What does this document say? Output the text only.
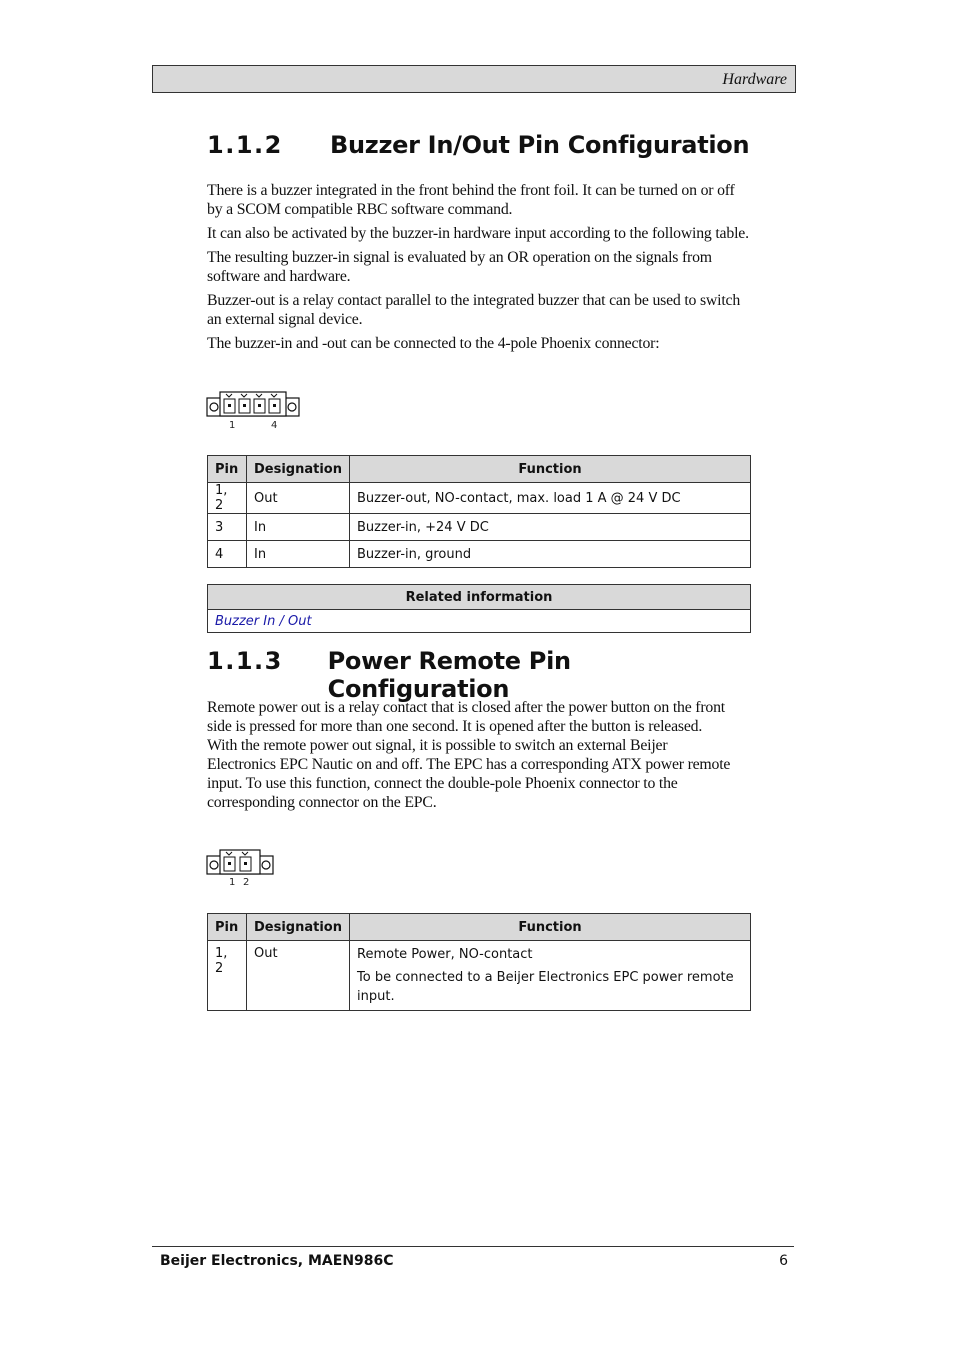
Hardware
1.1.2	Buzzer In/Out Pin Configuration

There is a buzzer integrated in the front behind the front foil. It can be turned on or off by a SCOM compatible RBC software command.

It can also be activated by the buzzer-in hardware input according to the following table.

The resulting buzzer-in signal is evaluated by an OR operation on the signals from software and hardware.

Buzzer-out is a relay contact parallel to the integrated buzzer that can be used to switch an external signal device.

The buzzer-in and -out can be connected to the 4-pole Phoenix connector:

1	4
Pin	Designation	Function
1, 2	Out	Buzzer-out, NO-contact, max. load 1 A @ 24 V DC
3	In	Buzzer-in, +24 V DC
4	In	Buzzer-in, ground
Related information
Buzzer In / Out
1.1.3	Power Remote Pin Configuration

Remote power out is a relay contact that is closed after the power button on the front side is pressed for more than one second. It is opened after the button is released. With the remote power out signal, it is possible to switch an external Beijer Electronics EPC Nautic on and off. The EPC has a corresponding ATX power remote input. To use this function, connect the double-pole Phoenix connector to the corresponding connector on the EPC.

1 2
Pin	Designation	Function
1, 2	Out	Remote Power, NO-contact
To be connected to a Beijer Electronics EPC power remote input.
Beijer Electronics, MAEN986C	6
